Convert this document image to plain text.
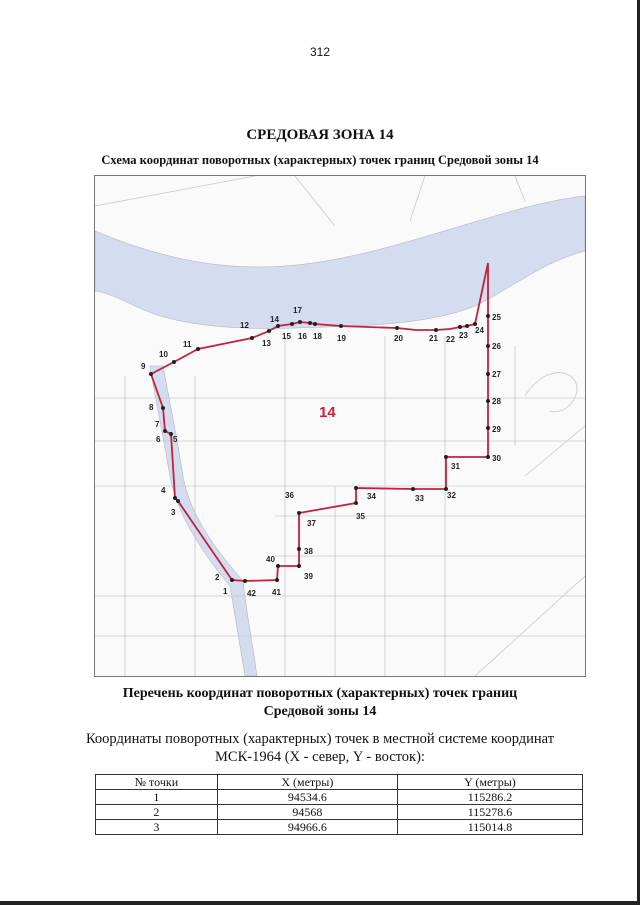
312
СРЕДОВАЯ ЗОНА 14
Схема координат поворотных (характерных) точек границ Средовой зоны 14
1
2
3
4
5
6
7
8
9
10
11
12
13
14
15 16
17
18 19	20	21 22 23
24
25
26
27
28
29
30
31
32
33
34
35
36
37
38
39
40
41
42
14
Перечень координат поворотных (характерных) точек границ
Средовой зоны 14
Координаты поворотных (характерных) точек в местной системе координат
МСК-1964 (X - север, Y - восток):
№ точки	X (метры)	Y (метры)
1	94534.6	115286.2
2	94568	115278.6
3	94966.6	115014.8
